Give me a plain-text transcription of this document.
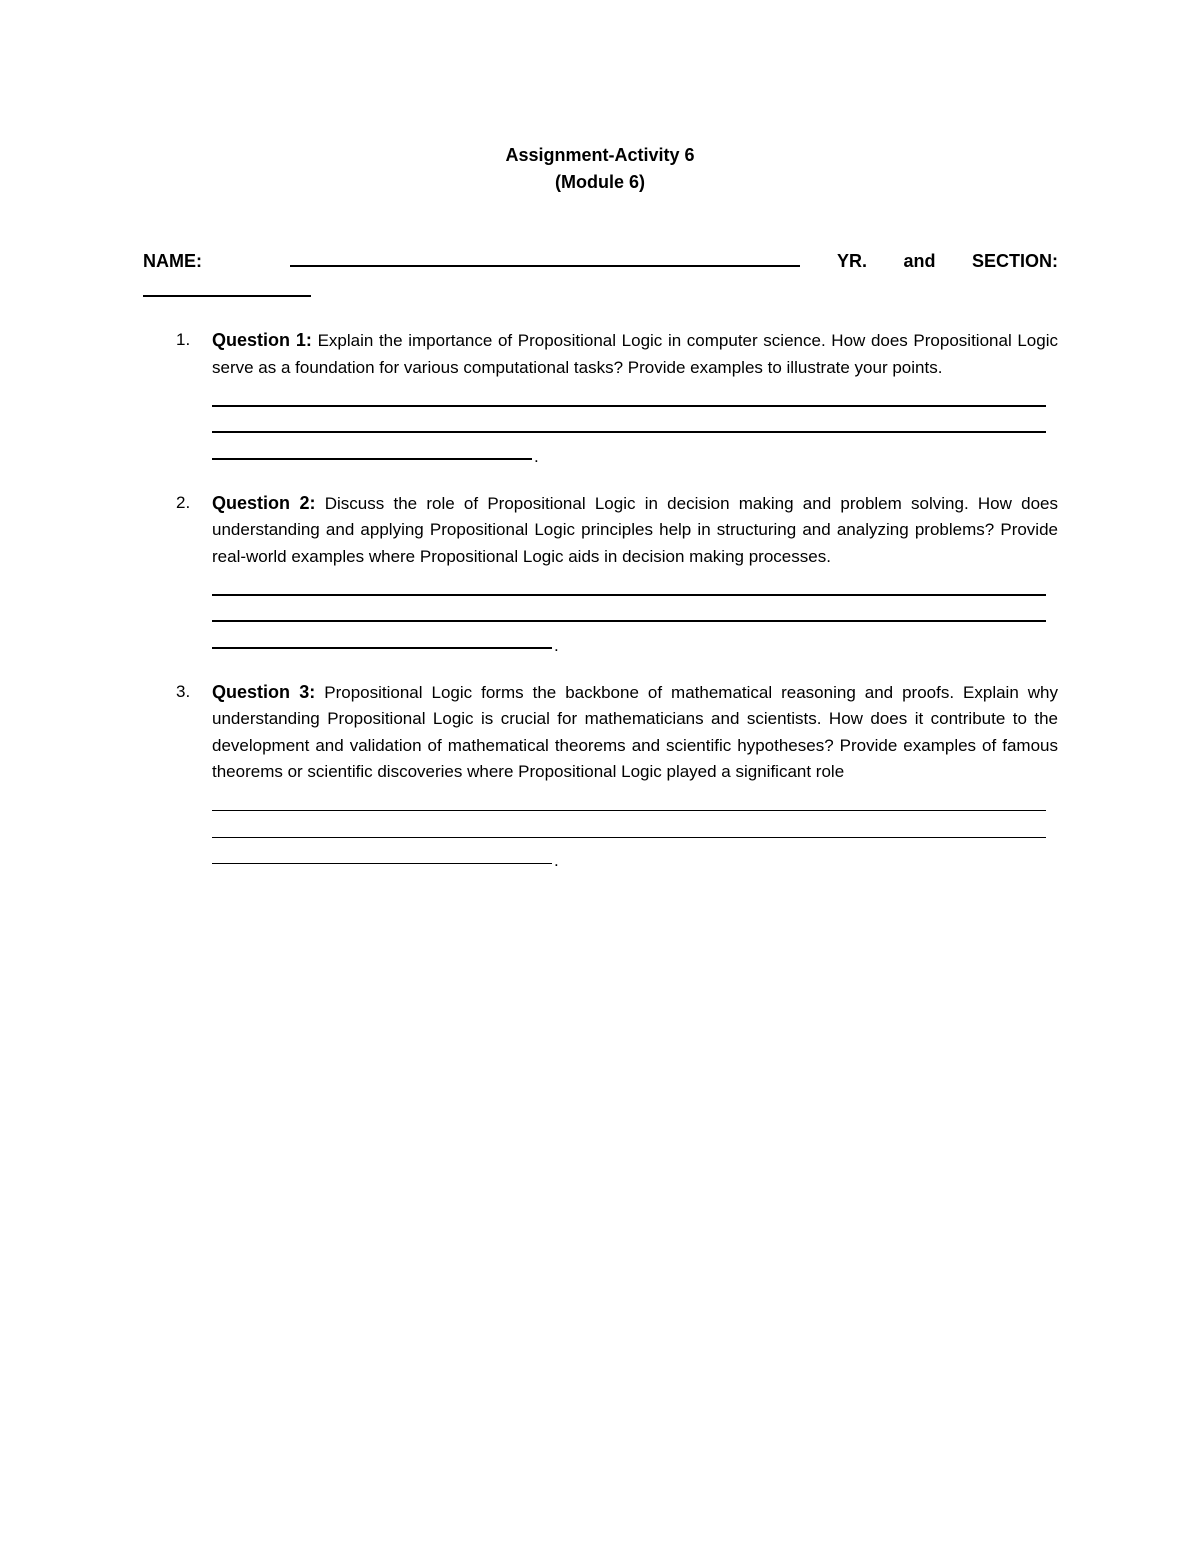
Assignment-Activity 6
(Module 6)
NAME:	YR. and SECTION:
1. Question 1: Explain the importance of Propositional Logic in computer science. How does Propositional Logic serve as a foundation for various computational tasks? Provide examples to illustrate your points.
.
2. Question 2: Discuss the role of Propositional Logic in decision making and problem solving. How does understanding and applying Propositional Logic principles help in structuring and analyzing problems? Provide real-world examples where Propositional Logic aids in decision making processes.
.
3. Question 3: Propositional Logic forms the backbone of mathematical reasoning and proofs. Explain why understanding Propositional Logic is crucial for mathematicians and scientists. How does it contribute to the development and validation of mathematical theorems and scientific hypotheses? Provide examples of famous theorems or scientific discoveries where Propositional Logic played a significant role
.
